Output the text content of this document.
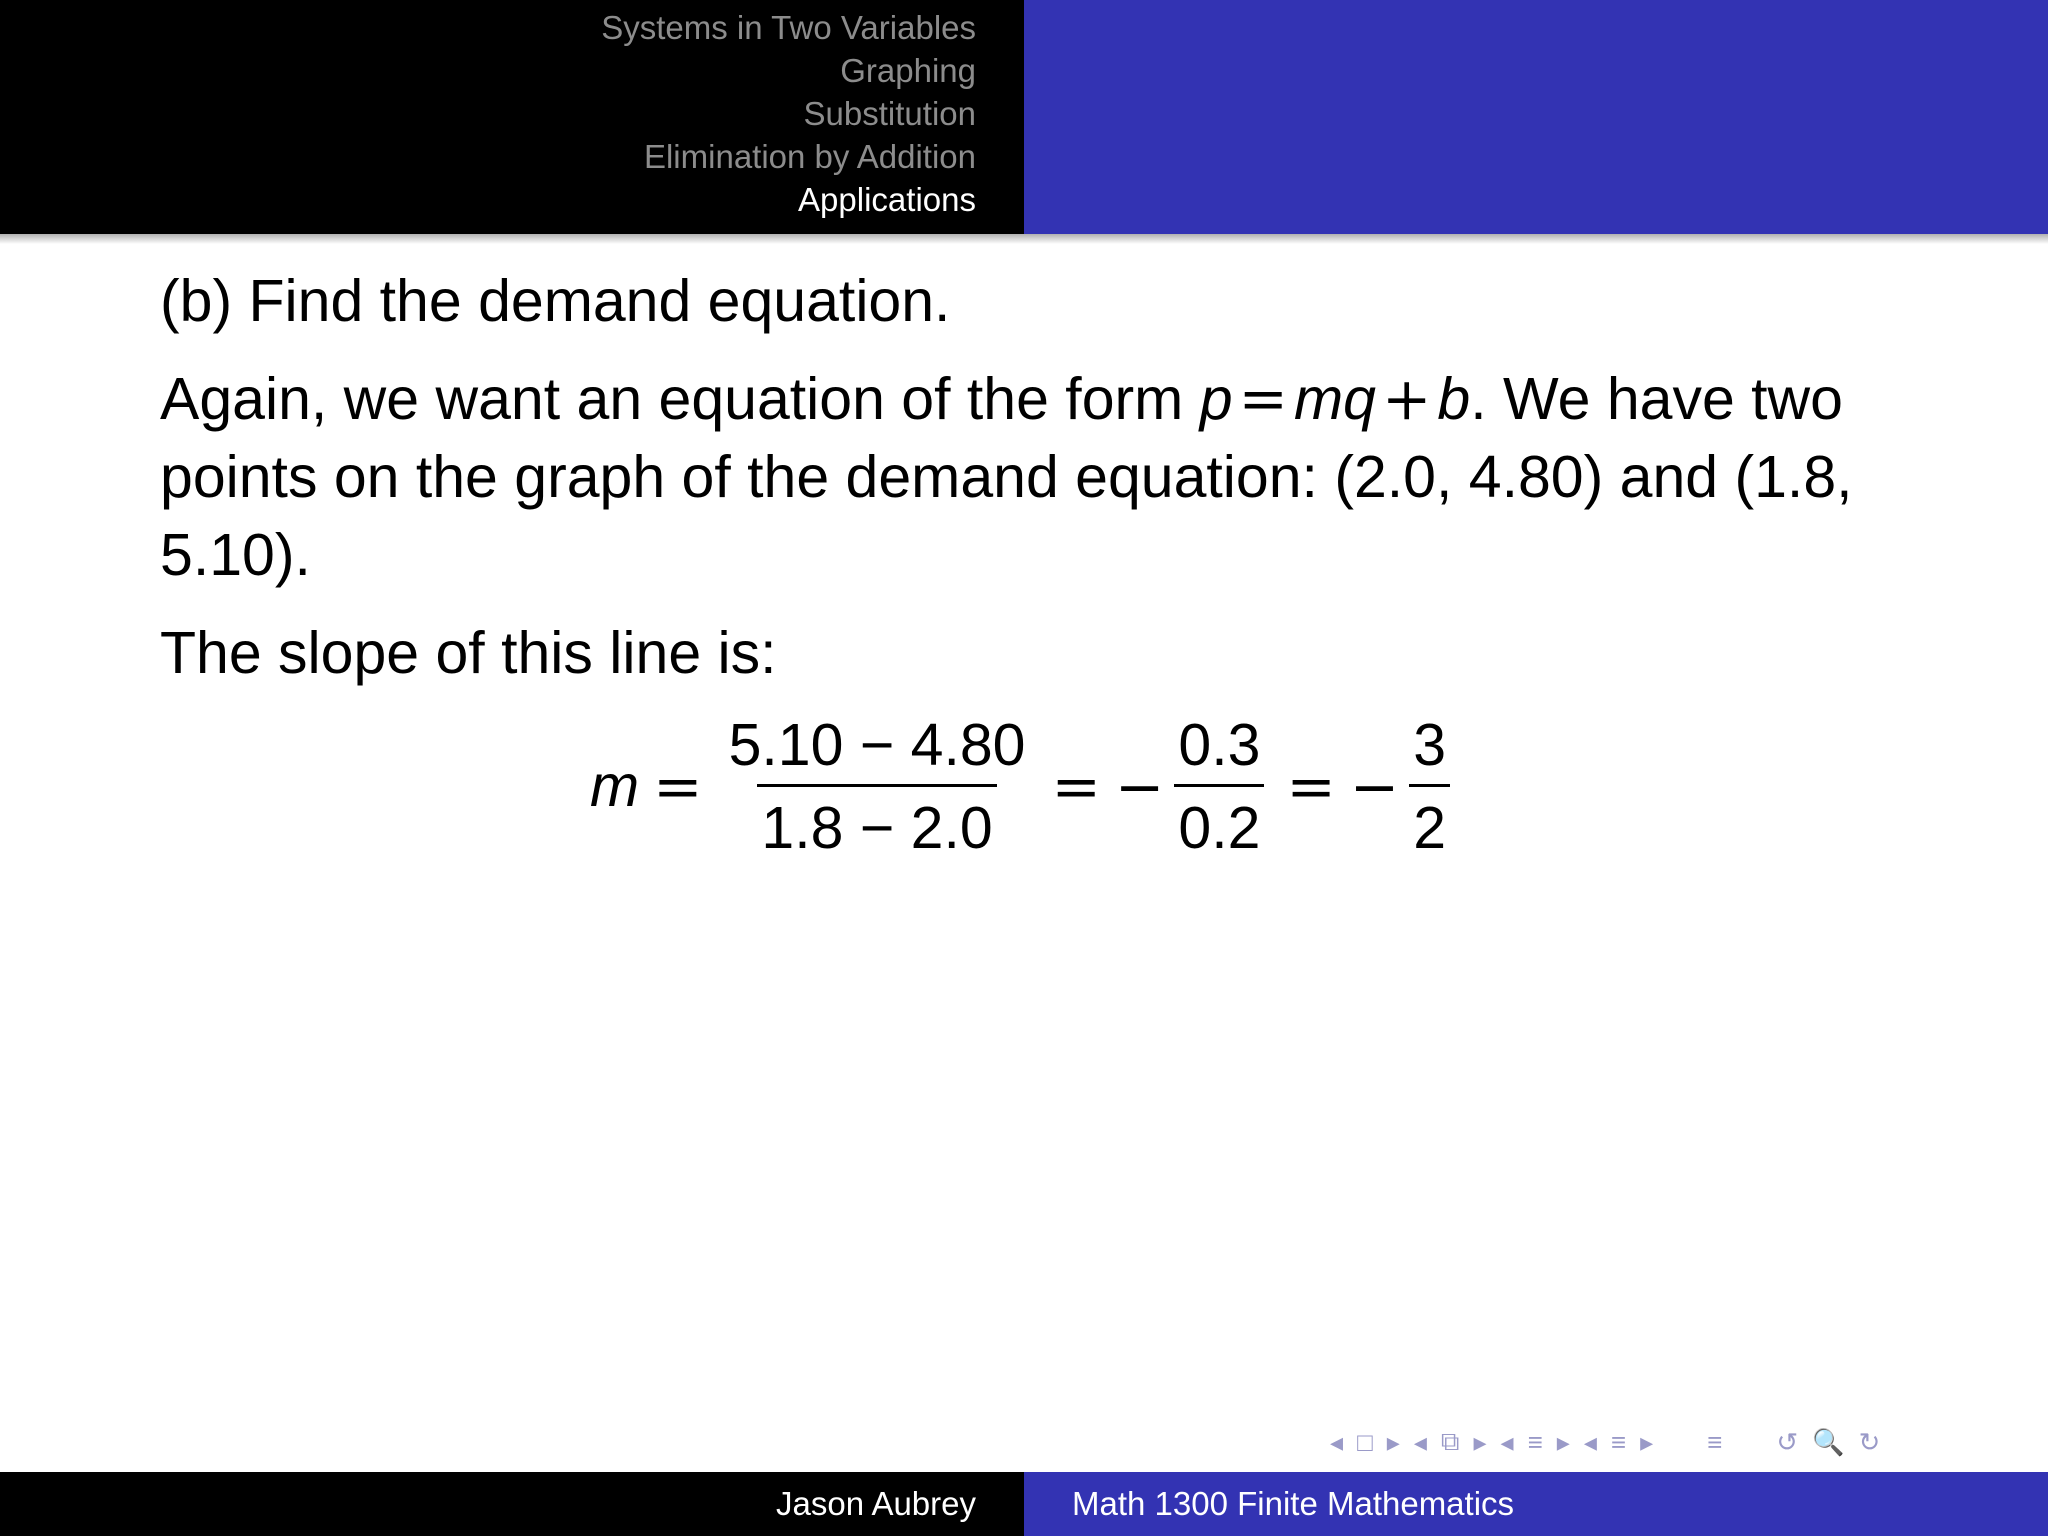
Systems in Two Variables
Graphing
Substitution
Elimination by Addition
Applications

(b) Find the demand equation.

Again, we want an equation of the form p = mq + b. We have two points on the graph of the demand equation: (2.0, 4.80) and (1.8, 5.10).

The slope of this line is:

$m = \frac{5.10 - 4.80}{1.8 - 2.0}$ = − $\frac{0.3}{0.2}$ = − $\frac{3}{2}$
◂ □ ▸ ◂ ⧉ ▸ ◂ ≡ ▸ ◂ ≡ ▸ ≡ ↺ 🔍 ↻
Jason Aubrey	Math 1300 Finite Mathematics
